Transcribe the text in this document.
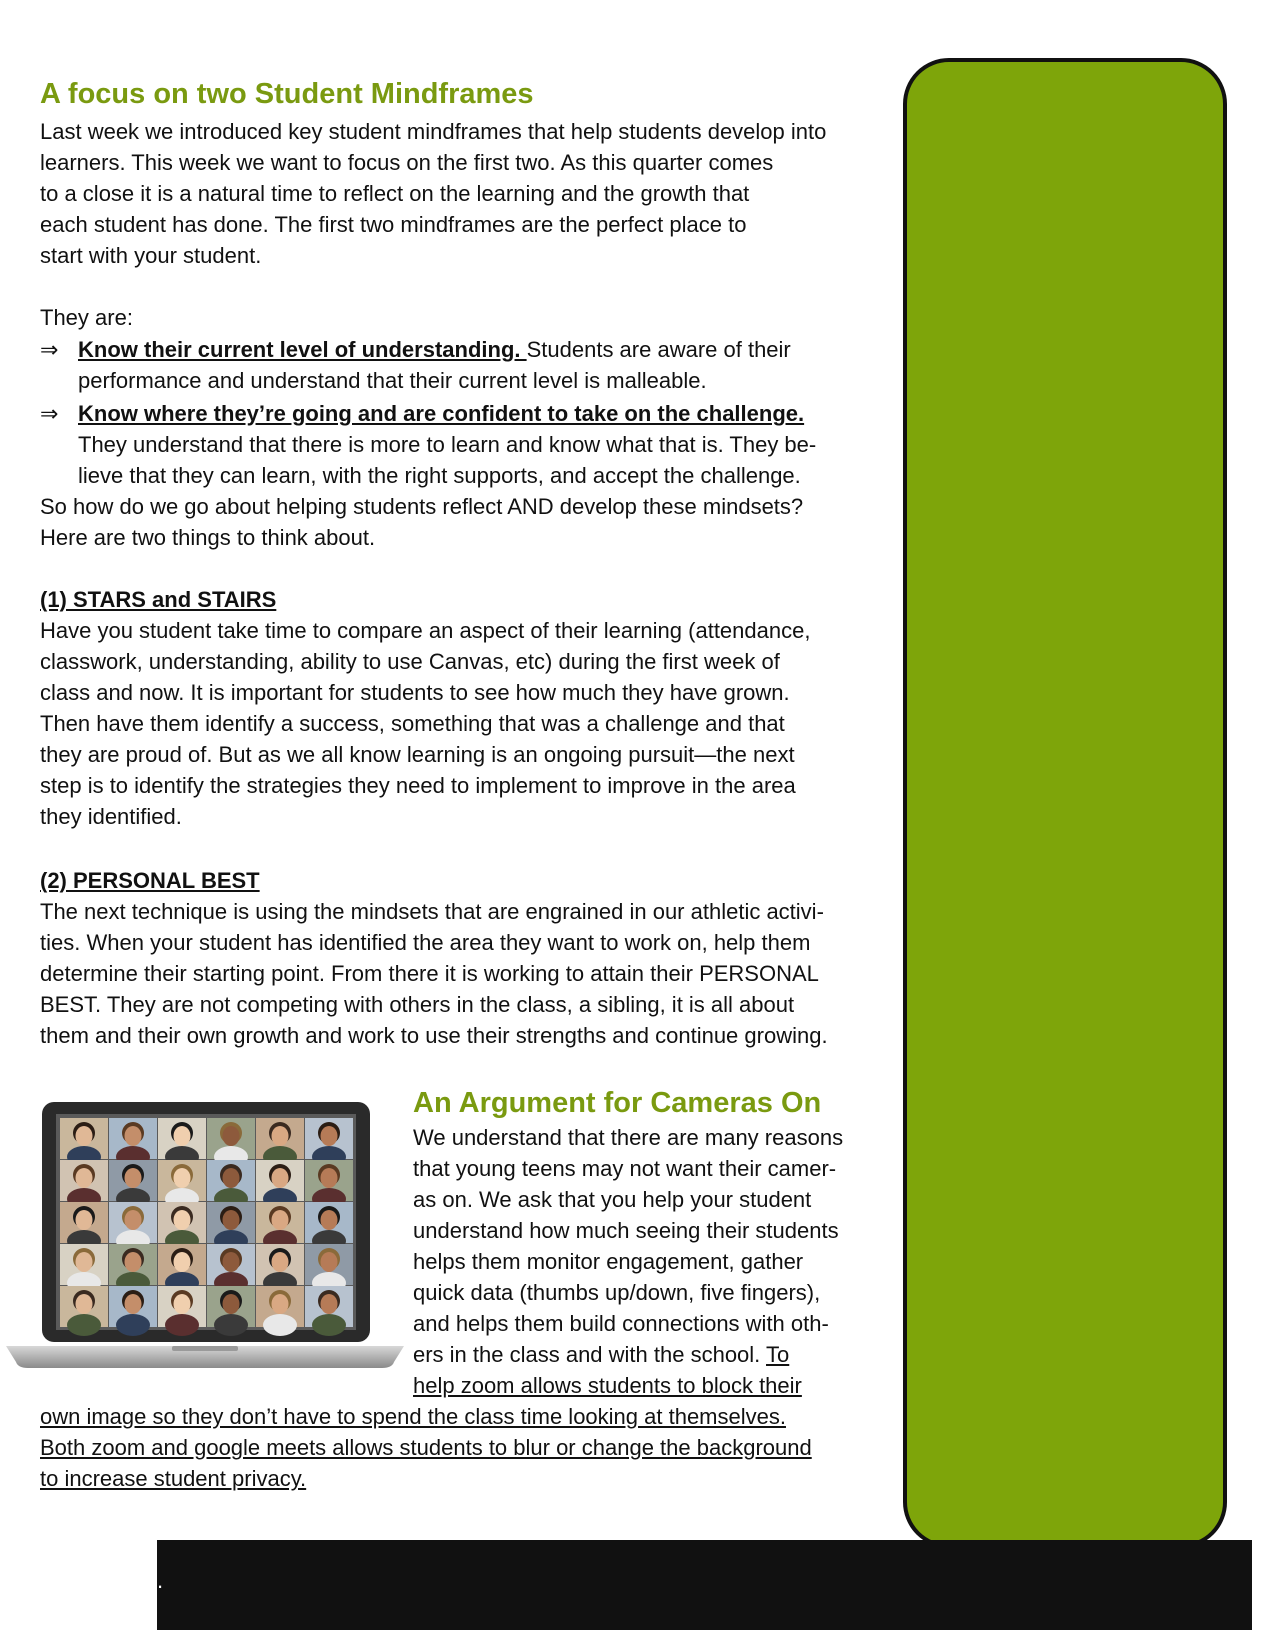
A focus on two Student Mindframes

Last week we introduced key student mindframes that help students develop into

learners. This week we want to focus on the first two. As this quarter comes

to a close it is a natural time to reflect on the learning and the growth that

each student has done. The first two mindframes are the perfect place to

start with your student.

They are:

⇒ Know their current level of understanding. Students are aware of their

performance and understand that their current level is malleable.

⇒ Know where they’re going and are confident to take on the challenge.

They understand that there is more to learn and know what that is. They be-

lieve that they can learn, with the right supports, and accept the challenge.

So how do we go about helping students reflect AND develop these mindsets?

Here are two things to think about.

(1) STARS and STAIRS

Have you student take time to compare an aspect of their learning (attendance,

classwork, understanding, ability to use Canvas, etc) during the first week of

class and now. It is important for students to see how much they have grown.

Then have them identify a success, something that was a challenge and that

they are proud of. But as we all know learning is an ongoing pursuit—the next

step is to identify the strategies they need to implement to improve in the area

they identified.

(2) PERSONAL BEST

The next technique is using the mindsets that are engrained in our athletic activi-

ties. When your student has identified the area they want to work on, help them

determine their starting point. From there it is working to attain their PERSONAL

BEST. They are not competing with others in the class, a sibling, it is all about

them and their own growth and work to use their strengths and continue growing.

An Argument for Cameras On

We understand that there are many reasons

that young teens may not want their camer-

as on. We ask that you help your student

understand how much seeing their students

helps them monitor engagement, gather

quick data (thumbs up/down, five fingers),

and helps them build connections with oth-

ers in the class and with the school. To

help zoom allows students to block their

own image so they don’t have to spend the class time looking at themselves.

Both zoom and google meets allows students to blur or change the background

to increase student privacy.

.
